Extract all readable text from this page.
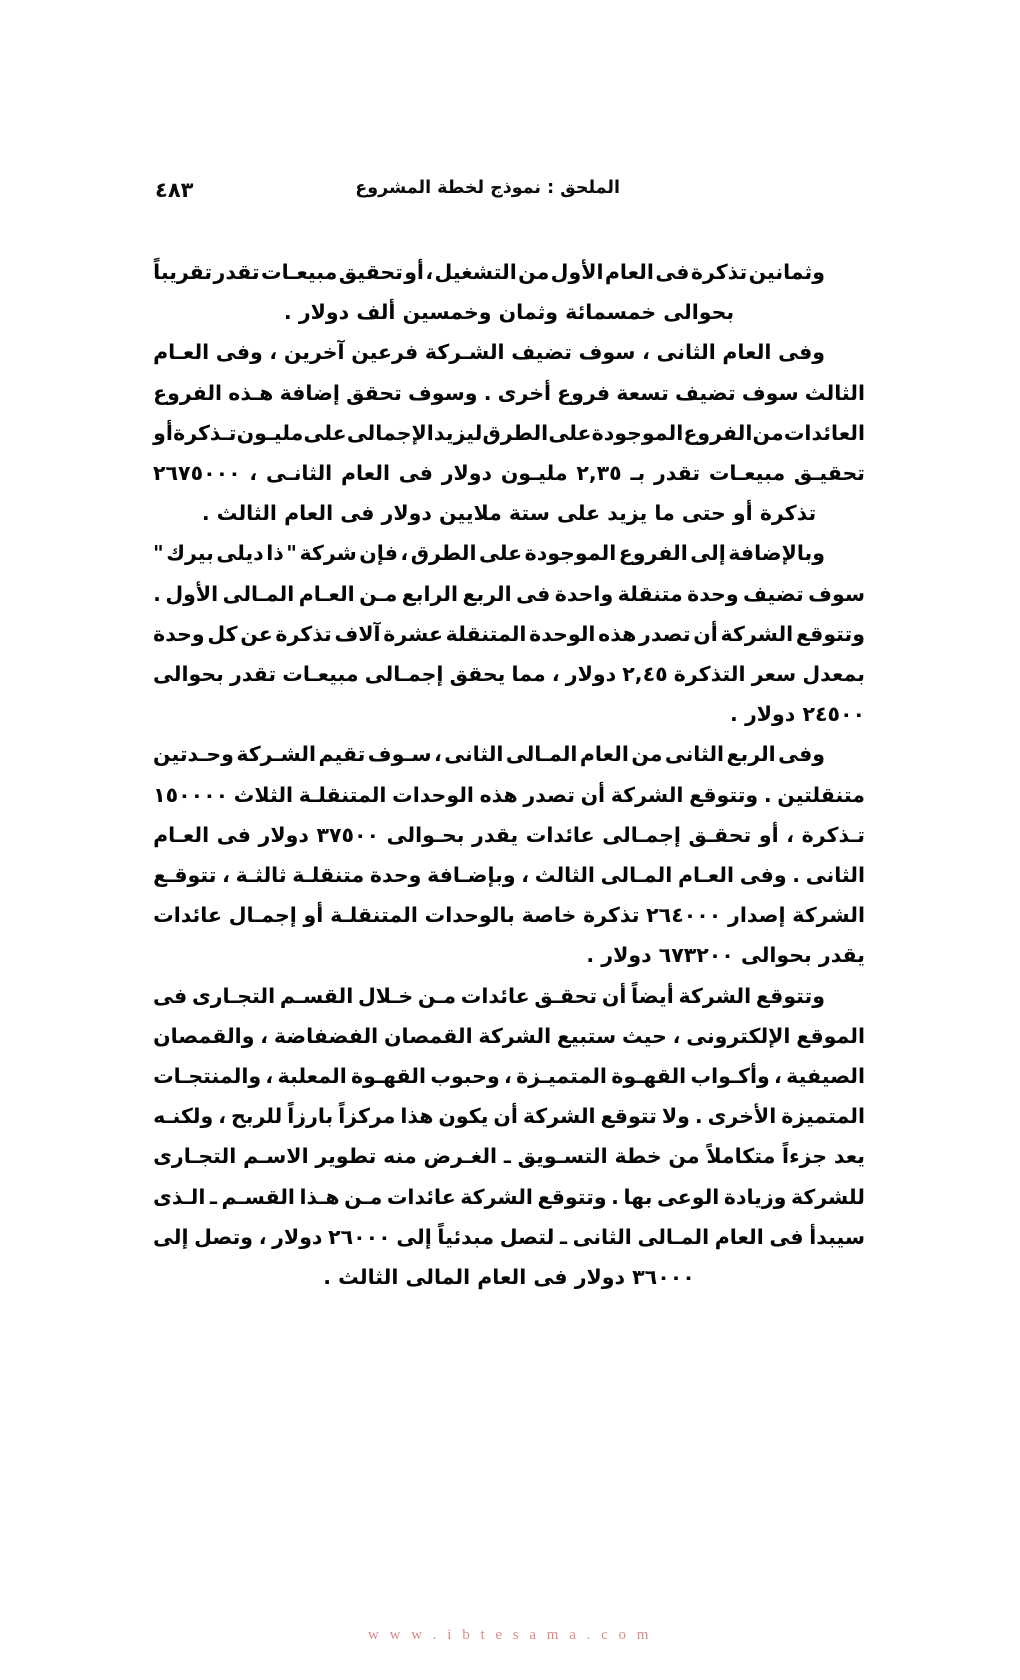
الملحق : نموذج لخطة المشروع
٤٨٣
وثمانين
تذكرة
فى
العام
الأول
من
التشغيل
،
أو
تحقيق
مبيعـات
تقدر
تقريباً
بحوالى خمسمائة وثمان وخمسين ألف دولار .
وفى
العام
الثانى
،
سوف
تضيف
الشـركة
فرعين
آخرين
،
وفى
العـام
الثالث
سوف
تضيف
تسعة
فروع
أخرى
.
وسوف
تحقق
إضافة
هـذه
الفروع
العائدات
من
الفروع
الموجودة
على
الطرق
ليزيد
الإجمالى
على
مليـون
تـذكرة
أو
تحقيـق
مبيعـات
تقدر
بـ
٢,٣٥
مليـون
دولار
فى
العام
الثانـى
،
٢٦٧٥٠٠٠
تذكرة أو حتى ما يزيد على ستة ملايين دولار فى العام الثالث .
وبالإضافة
إلى
الفروع
الموجودة
على
الطرق
،
فإن
شركة
"
ذا
ديلى
بيرك
"
سوف
تضيف
وحدة
متنقلة
واحدة
فى
الربع
الرابع
مـن
العـام
المـالى
الأول
.
وتتوقع
الشركة
أن
تصدر
هذه
الوحدة
المتنقلة
عشرة
آلاف
تذكرة
عن
كل
وحدة
بمعدل
سعر
التذكرة
٢,٤٥
دولار
،
مما
يحقق
إجمـالى
مبيعـات
تقدر
بحوالى
٢٤٥٠٠ دولار .
وفى
الربع
الثانى
من
العام
المـالى
الثانى
،
سـوف
تقيم
الشـركة
وحـدتين
متنقلتين
.
وتتوقع
الشركة
أن
تصدر
هذه
الوحدات
المتنقلـة
الثلاث
١٥٠٠٠٠
تـذكرة
،
أو
تحقـق
إجمـالى
عائدات
يقدر
بحـوالى
٣٧٥٠٠
دولار
فى
العـام
الثانى
.
وفى
العـام
المـالى
الثالث
،
وبإضـافة
وحدة
متنقلـة
ثالثـة
،
تتوقـع
الشركة
إصدار
٢٦٤٠٠٠
تذكرة
خاصة
بالوحدات
المتنقلـة
أو
إجمـال
عائدات
يقدر بحوالى ٦٧٣٢٠٠ دولار .
وتتوقع
الشركة
أيضاً
أن
تحقـق
عائدات
مـن
خـلال
القسـم
التجـارى
فى
الموقع
الإلكترونى
،
حيث
ستبيع
الشركة
القمصان
الفضفاضة
،
والقمصان
الصيفية
،
وأكـواب
القهـوة
المتميـزة
،
وحبوب
القهـوة
المعلبة
،
والمنتجـات
المتميزة
الأخرى
.
ولا
تتوقع
الشركة
أن
يكون
هذا
مركزاً
بارزاً
للربح
،
ولكنـه
يعد
جزءاً
متكاملاً
من
خطة
التسـويق
ـ
الغـرض
منه
تطوير
الاسـم
التجـارى
للشركة
وزيادة
الوعى
بها
.
وتتوقع
الشركة
عائدات
مـن
هـذا
القسـم
ـ
الـذى
سيبدأ
فى
العام
المـالى
الثانى
ـ
لتصل
مبدئياً
إلى
٢٦٠٠٠
دولار
،
وتصل
إلى
٣٦٠٠٠ دولار فى العام المالى الثالث .
w w w . i b t e s a m a . c o m
